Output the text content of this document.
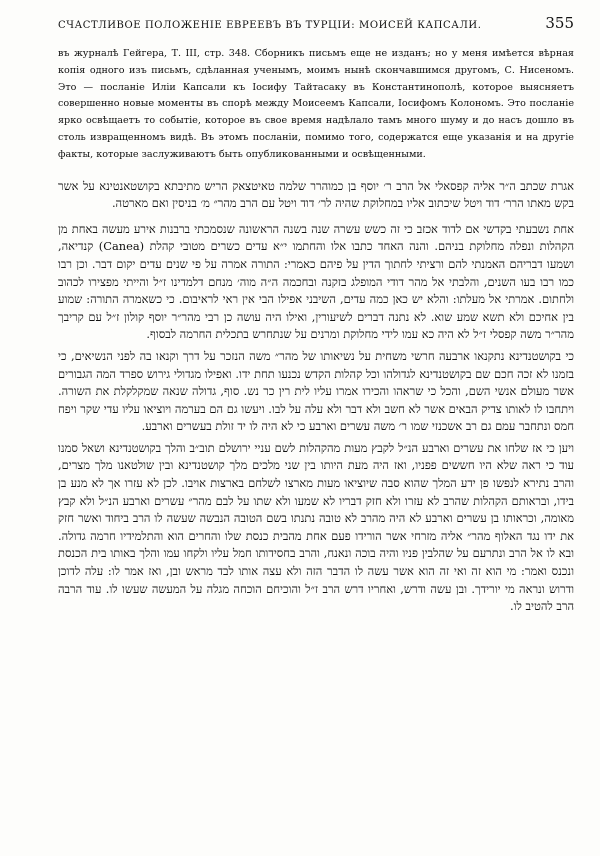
СЧАСТЛИВОЕ ПОЛОЖЕНІЕ ЕВРЕЕВЪ ВЪ ТУРЦІИ: МОИСЕЙ КАПСАЛИ.	355

въ журналѣ Гейгера, Т. III, стр. 348. Сборникъ письмъ еще не изданъ; но у меня имѣется вѣрная копія одного изъ письмъ, сдѣланная ученымъ, моимъ нынѣ скончавшимся другомъ, С. Нисеномъ. Это — посланіе Иліи Капсали къ Іосифу Тайтасаку въ Константинополѣ, которое выясняетъ совершенно новые моменты въ спорѣ между Моисеемъ Капсали, Іосифомъ Колономъ. Это посланіе ярко освѣщаетъ то событіе, которое въ свое время надѣлало тамъ много шуму и до насъ дошло въ столь извращенномъ видѣ. Въ этомъ посланіи, помимо того, содержатся еще указанія и на другіе факты, которые заслуживаютъ быть опубликованными и освѣщенными.

אגרת שכתב ה״ר אליה קפסאלי אל הרב ר׳ יוסף בן כמוהרר שלמה טאיטצאק הריש מתיבתא בקושטאנטינא על אשר בקש מאתו הרר׳ דוד ויטל שיכתוב אליו במחלוקת שהיה לר׳ דוד ויטל עם הרב מהר״ מ׳ בניסין ואם מארטה.

אחת נשבעתי בקדשי אם לדוד אכזב כי זה כשש עשרה שנה בשנה הראשונה שנסמכתי ברבנות אירע מעשה באחת מן הקהלות ונפלה מחלוקת בניהם. והנה האחד כתבו אלו והחתמו י״א עדים כשרים מטובי קהלת (Canea) קנדיאה, ושמעו דבריהם האמנתי להם ורציתי לחתוך הדין על פיהם כאמרי: התורה אמרה על פי שנים עדים יקום דבר. וכן רבו כמו רבו בעו השנים, והלבתי אל מהר דודי המופלג בזקנה ובחכמה ה״ה מוה׳ מנחם דלמדינו ז״ל והייתי מפצירו לכהוב ולחתום. אמרתי אל מעלתו: והלא יש כאן כמה עדים, השיבני אפילו הבי אין ראי לראיבום. כי כשאמרה התורה: שמוע בין אחיכם ולא תשא שמע שוא. לא נתנה דברים לשיעורין, ואילו היה עושה כן רבי מהר״ר יוסף קולון ז״ל עם קריבך מהר״ר משה קפסלי ז״ל לא היה כא עמו לידי מחלוקת ומרנים על שנתחרש בתכלית החרמה לבסוף.

כי בקושטנדינא נתקנאו ארבעה חרשי משחית על נשיאותו של מהר״ משה הנזכר על דרך וקנאו בה לפני הנשיאים, כי בזמנו לא זכה חכם שם בקושטנדינא לגדולהו וכל קהלות הקדש נכנעו תחת ידו. ואפילו מגדולי גירוש ספרד המה הגבורים אשר מעולם אנשי השם, והכל כי שראהו והכירו אמרו עליו לית רין כר נש. סוף, גדולה שנאה שמקלקלת את השורה. ויתחבו לו לאותו צדיק הבאים אשר לא חשב ולא דבר ולא עלה על לבו. ויעשו גם הם בערמה ויוציאו עליו עדי שקר ויפח חמס ונתחבר עמם גם רב אשכנזי שמו ר׳ משה עשרים וארבע כי לא היה לו יד זולת בעשרים וארבע.

ויען כי אז שלחו את עשרים וארבע הנ״ל לקבץ מעות מהקהלות לשם עניי ירושלם תוב״ב והלך בקושטנדינא ושאל סמנו עוד כי ראה שלא היו חששים פפניו, ואז היה מעת היותו בין שני מלכים מלך קושטנדינא ובין שולטאנו מלך מצרים, והרב נתירא לנפשו פן ידע המלך שהוא סבה שיוציאו מעות מארצו לשלחם בארצות אויבו. לכן לא עזרו אך לא מנע בן בידו, ובראותם הקהלות שהרב לא עזרו ולא חזק דבריו לא שמעו ולא שתו על לבם מהר״ עשרים וארבע הנ״ל ולא קבץ מאומה, וכראותו בן עשרים וארבע לא היה מהרב לא טובה נתנתו בשם הטובה הנבשה שעשה לו הרב ביחוד ואשר חזק את ידו נגד האלוף מהר״ אליה מזרחי אשר הורידו פעם אחת מהבית כנסת שלו והחרים הוא והתלמידיו חרמה גדולה. ובא לו אל הרב ונתרעם על שהלבין פניו והיה בוכה ונאנח, והרב בחסידותו חמל עליו ולקחו עמו והלך באותו בית הכנסת ונכנס ואמר: מי הוא זה ואי זה הוא אשר עשה לו הדבר הזה ולא עצה אותו לבד מראש ובן, ואז אמר לו: עלה לדוכן ודרוש ונראה מי יורידך. ובן עשה ודרש, ואחריו דרש הרב ז״ל והוכיחם הוכחה מגלה על המעשה שעשו לו. עוד הרבה הרב להטיב לו.
